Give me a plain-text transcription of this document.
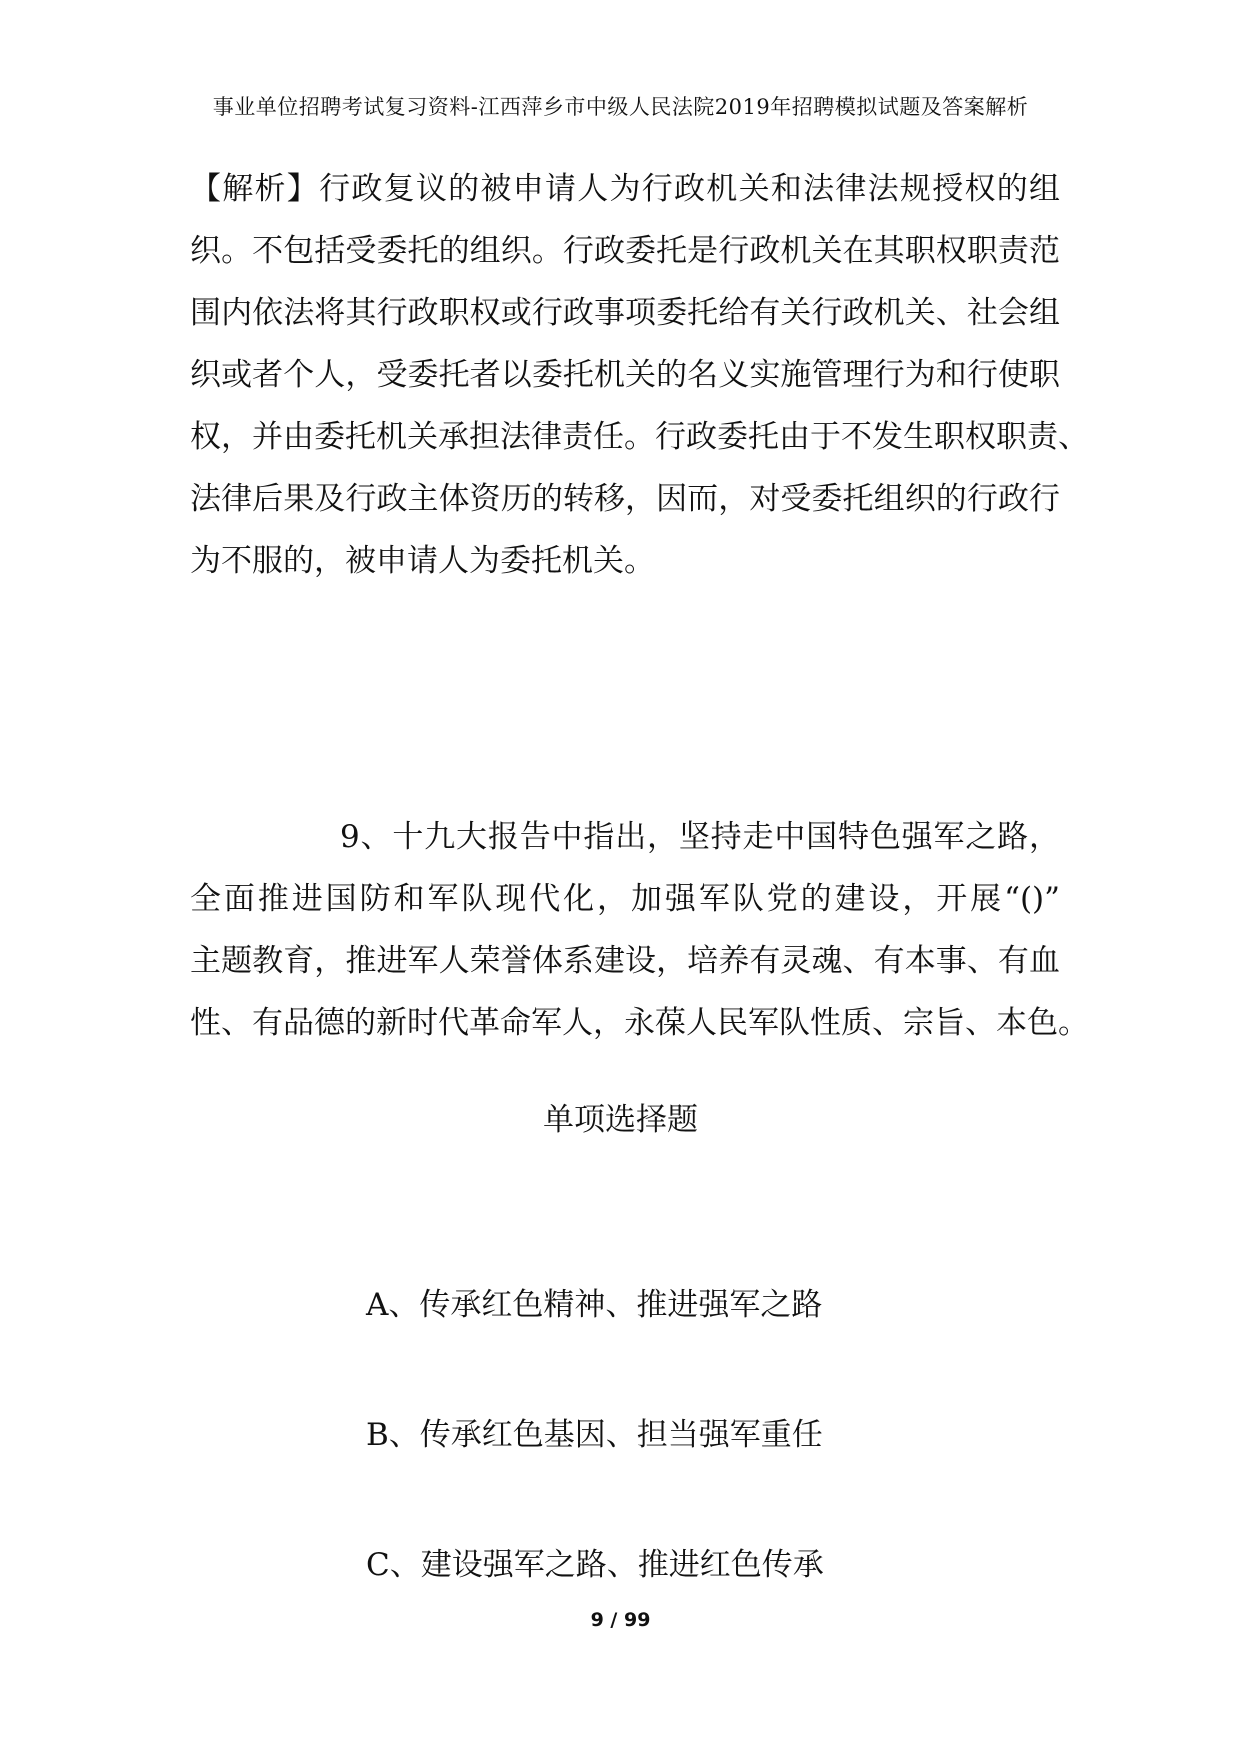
事业单位招聘考试复习资料-江西萍乡市中级人民法院2019年招聘模拟试题及答案解析
【解析】行政复议的被申请人为行政机关和法律法规授权的组
织。不包括受委托的组织。行政委托是行政机关在其职权职责范
围内依法将其行政职权或行政事项委托给有关行政机关、社会组
织或者个人，受委托者以委托机关的名义实施管理行为和行使职
权，并由委托机关承担法律责任。行政委托由于不发生职权职责、
法律后果及行政主体资历的转移，因而，对受委托组织的行政行
为不服的，被申请人为委托机关。
9、十九大报告中指出，坚持走中国特色强军之路，
全面推进国防和军队现代化，加强军队党的建设，开展“()”
主题教育，推进军人荣誉体系建设，培养有灵魂、有本事、有血
性、有品德的新时代革命军人，永葆人民军队性质、宗旨、本色。
单项选择题
A、传承红色精神、推进强军之路
B、传承红色基因、担当强军重任
C、建设强军之路、推进红色传承
9 / 99
